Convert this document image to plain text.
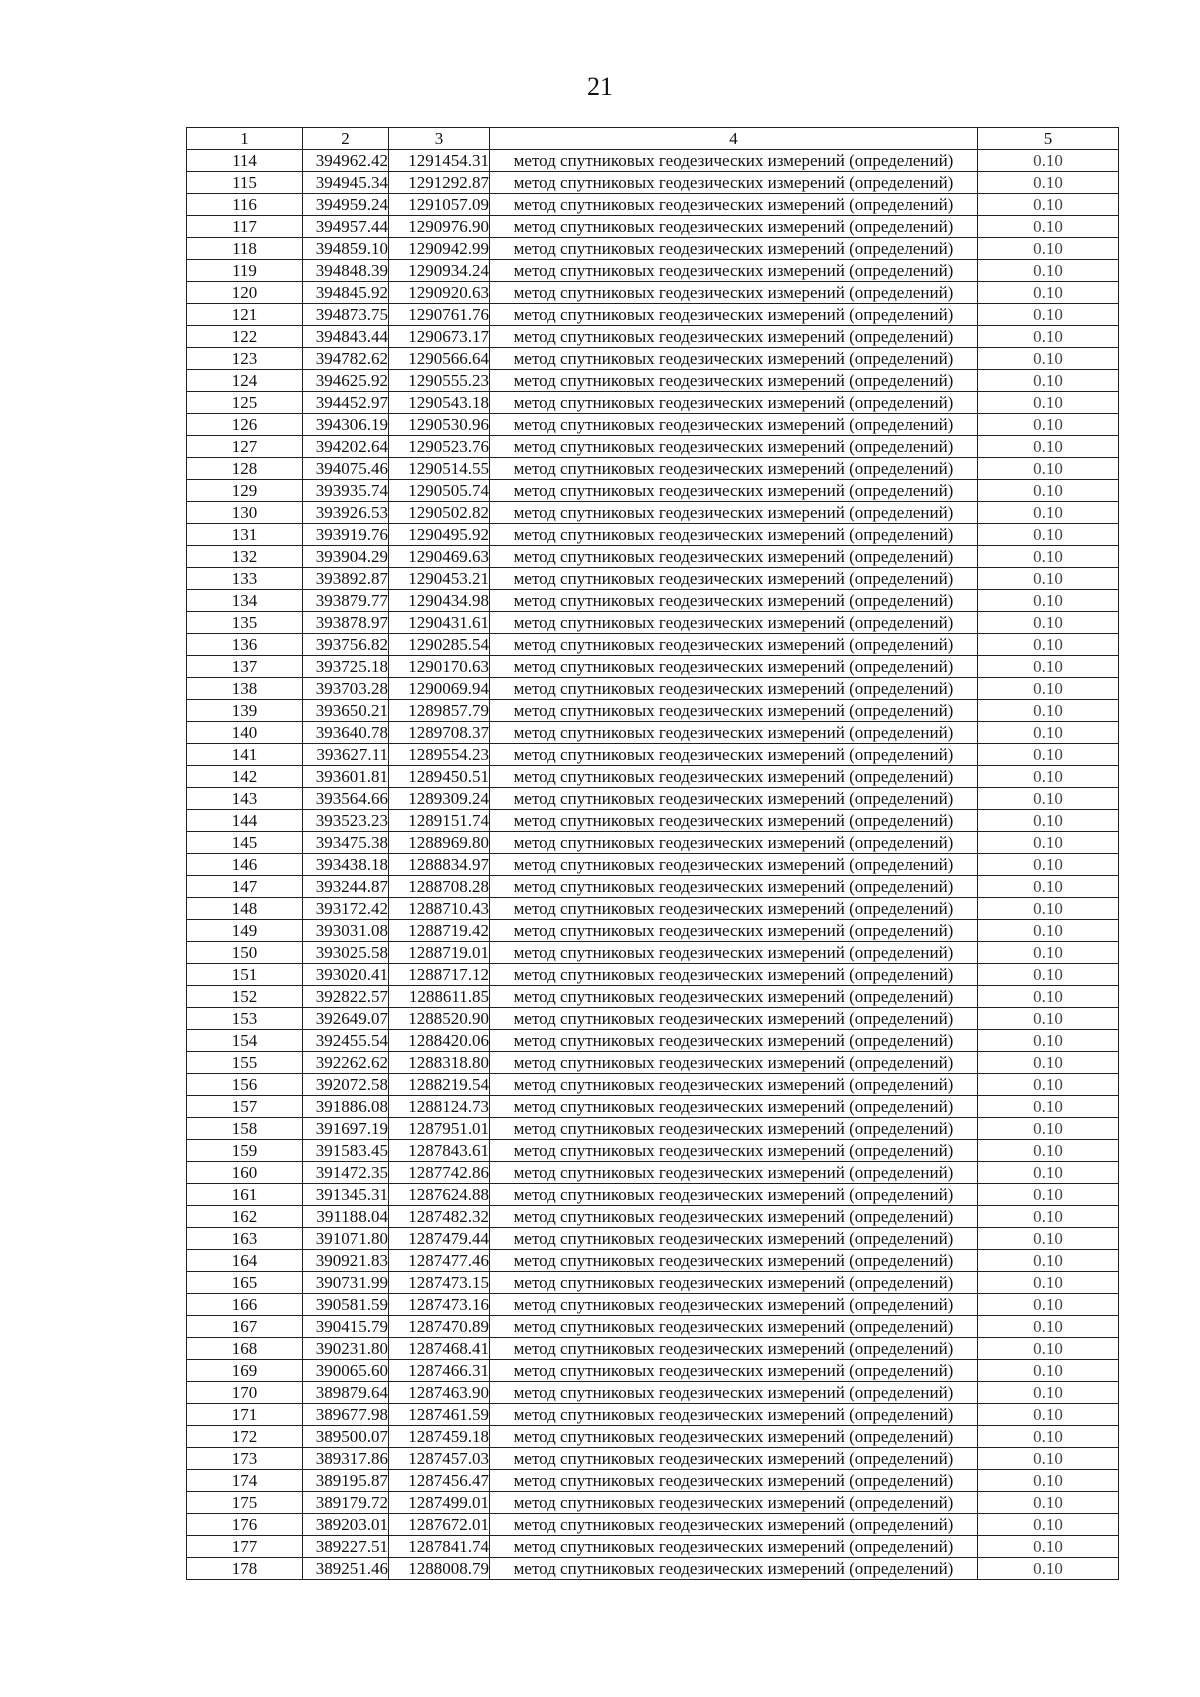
21
1	2	3	4	5
114	394962.42	1291454.31	метод спутниковых геодезических измерений (определений)	0.10
115	394945.34	1291292.87	метод спутниковых геодезических измерений (определений)	0.10
116	394959.24	1291057.09	метод спутниковых геодезических измерений (определений)	0.10
117	394957.44	1290976.90	метод спутниковых геодезических измерений (определений)	0.10
118	394859.10	1290942.99	метод спутниковых геодезических измерений (определений)	0.10
119	394848.39	1290934.24	метод спутниковых геодезических измерений (определений)	0.10
120	394845.92	1290920.63	метод спутниковых геодезических измерений (определений)	0.10
121	394873.75	1290761.76	метод спутниковых геодезических измерений (определений)	0.10
122	394843.44	1290673.17	метод спутниковых геодезических измерений (определений)	0.10
123	394782.62	1290566.64	метод спутниковых геодезических измерений (определений)	0.10
124	394625.92	1290555.23	метод спутниковых геодезических измерений (определений)	0.10
125	394452.97	1290543.18	метод спутниковых геодезических измерений (определений)	0.10
126	394306.19	1290530.96	метод спутниковых геодезических измерений (определений)	0.10
127	394202.64	1290523.76	метод спутниковых геодезических измерений (определений)	0.10
128	394075.46	1290514.55	метод спутниковых геодезических измерений (определений)	0.10
129	393935.74	1290505.74	метод спутниковых геодезических измерений (определений)	0.10
130	393926.53	1290502.82	метод спутниковых геодезических измерений (определений)	0.10
131	393919.76	1290495.92	метод спутниковых геодезических измерений (определений)	0.10
132	393904.29	1290469.63	метод спутниковых геодезических измерений (определений)	0.10
133	393892.87	1290453.21	метод спутниковых геодезических измерений (определений)	0.10
134	393879.77	1290434.98	метод спутниковых геодезических измерений (определений)	0.10
135	393878.97	1290431.61	метод спутниковых геодезических измерений (определений)	0.10
136	393756.82	1290285.54	метод спутниковых геодезических измерений (определений)	0.10
137	393725.18	1290170.63	метод спутниковых геодезических измерений (определений)	0.10
138	393703.28	1290069.94	метод спутниковых геодезических измерений (определений)	0.10
139	393650.21	1289857.79	метод спутниковых геодезических измерений (определений)	0.10
140	393640.78	1289708.37	метод спутниковых геодезических измерений (определений)	0.10
141	393627.11	1289554.23	метод спутниковых геодезических измерений (определений)	0.10
142	393601.81	1289450.51	метод спутниковых геодезических измерений (определений)	0.10
143	393564.66	1289309.24	метод спутниковых геодезических измерений (определений)	0.10
144	393523.23	1289151.74	метод спутниковых геодезических измерений (определений)	0.10
145	393475.38	1288969.80	метод спутниковых геодезических измерений (определений)	0.10
146	393438.18	1288834.97	метод спутниковых геодезических измерений (определений)	0.10
147	393244.87	1288708.28	метод спутниковых геодезических измерений (определений)	0.10
148	393172.42	1288710.43	метод спутниковых геодезических измерений (определений)	0.10
149	393031.08	1288719.42	метод спутниковых геодезических измерений (определений)	0.10
150	393025.58	1288719.01	метод спутниковых геодезических измерений (определений)	0.10
151	393020.41	1288717.12	метод спутниковых геодезических измерений (определений)	0.10
152	392822.57	1288611.85	метод спутниковых геодезических измерений (определений)	0.10
153	392649.07	1288520.90	метод спутниковых геодезических измерений (определений)	0.10
154	392455.54	1288420.06	метод спутниковых геодезических измерений (определений)	0.10
155	392262.62	1288318.80	метод спутниковых геодезических измерений (определений)	0.10
156	392072.58	1288219.54	метод спутниковых геодезических измерений (определений)	0.10
157	391886.08	1288124.73	метод спутниковых геодезических измерений (определений)	0.10
158	391697.19	1287951.01	метод спутниковых геодезических измерений (определений)	0.10
159	391583.45	1287843.61	метод спутниковых геодезических измерений (определений)	0.10
160	391472.35	1287742.86	метод спутниковых геодезических измерений (определений)	0.10
161	391345.31	1287624.88	метод спутниковых геодезических измерений (определений)	0.10
162	391188.04	1287482.32	метод спутниковых геодезических измерений (определений)	0.10
163	391071.80	1287479.44	метод спутниковых геодезических измерений (определений)	0.10
164	390921.83	1287477.46	метод спутниковых геодезических измерений (определений)	0.10
165	390731.99	1287473.15	метод спутниковых геодезических измерений (определений)	0.10
166	390581.59	1287473.16	метод спутниковых геодезических измерений (определений)	0.10
167	390415.79	1287470.89	метод спутниковых геодезических измерений (определений)	0.10
168	390231.80	1287468.41	метод спутниковых геодезических измерений (определений)	0.10
169	390065.60	1287466.31	метод спутниковых геодезических измерений (определений)	0.10
170	389879.64	1287463.90	метод спутниковых геодезических измерений (определений)	0.10
171	389677.98	1287461.59	метод спутниковых геодезических измерений (определений)	0.10
172	389500.07	1287459.18	метод спутниковых геодезических измерений (определений)	0.10
173	389317.86	1287457.03	метод спутниковых геодезических измерений (определений)	0.10
174	389195.87	1287456.47	метод спутниковых геодезических измерений (определений)	0.10
175	389179.72	1287499.01	метод спутниковых геодезических измерений (определений)	0.10
176	389203.01	1287672.01	метод спутниковых геодезических измерений (определений)	0.10
177	389227.51	1287841.74	метод спутниковых геодезических измерений (определений)	0.10
178	389251.46	1288008.79	метод спутниковых геодезических измерений (определений)	0.10
